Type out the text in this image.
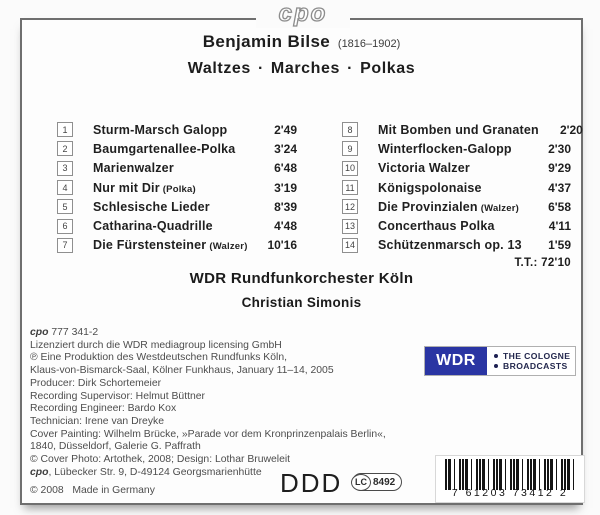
cpo
Benjamin Bilse (1816–1902)
Waltzes · Marches · Polkas
1	Sturm-Marsch Galopp	2'49
2	Baumgartenallee-Polka	3'24
3	Marienwalzer	6'48
4	Nur mit Dir (Polka)	3'19
5	Schlesische Lieder	8'39
6	Catharina-Quadrille	4'48
7	Die Fürstensteiner (Walzer)	10'16
8	Mit Bomben und Granaten	2'20
9	Winterflocken-Galopp	2'30
10 Victoria Walzer	9'29
11 Königspolonaise	4'37
12 Die Provinzialen (Walzer)	6'58
13 Concerthaus Polka	4'11
14 Schützenmarsch op. 13	1'59
T.T.: 72'10
WDR Rundfunkorchester Köln
Christian Simonis
cpo 777 341-2
Lizenziert durch die WDR mediagroup licensing GmbH
℗ Eine Produktion des Westdeutschen Rundfunks Köln,
Klaus-von-Bismarck-Saal, Kölner Funkhaus, January 11–14, 2005
Producer: Dirk Schortemeier
Recording Supervisor: Helmut Büttner
Recording Engineer: Bardo Kox
Technician: Irene van Dreyke
Cover Painting: Wilhelm Brücke, »Parade vor dem Kronprinzenpalais Berlin«,
1840, Düsseldorf, Galerie G. Paffrath
© Cover Photo: Artothek, 2008; Design: Lothar Bruweleit
cpo, Lübecker Str. 9, D-49124 Georgsmarienhütte
© 2008   Made in Germany
WDR	THE COLOGNE
BROADCASTS
DDD	LC 8492
7 61203 73412 2
